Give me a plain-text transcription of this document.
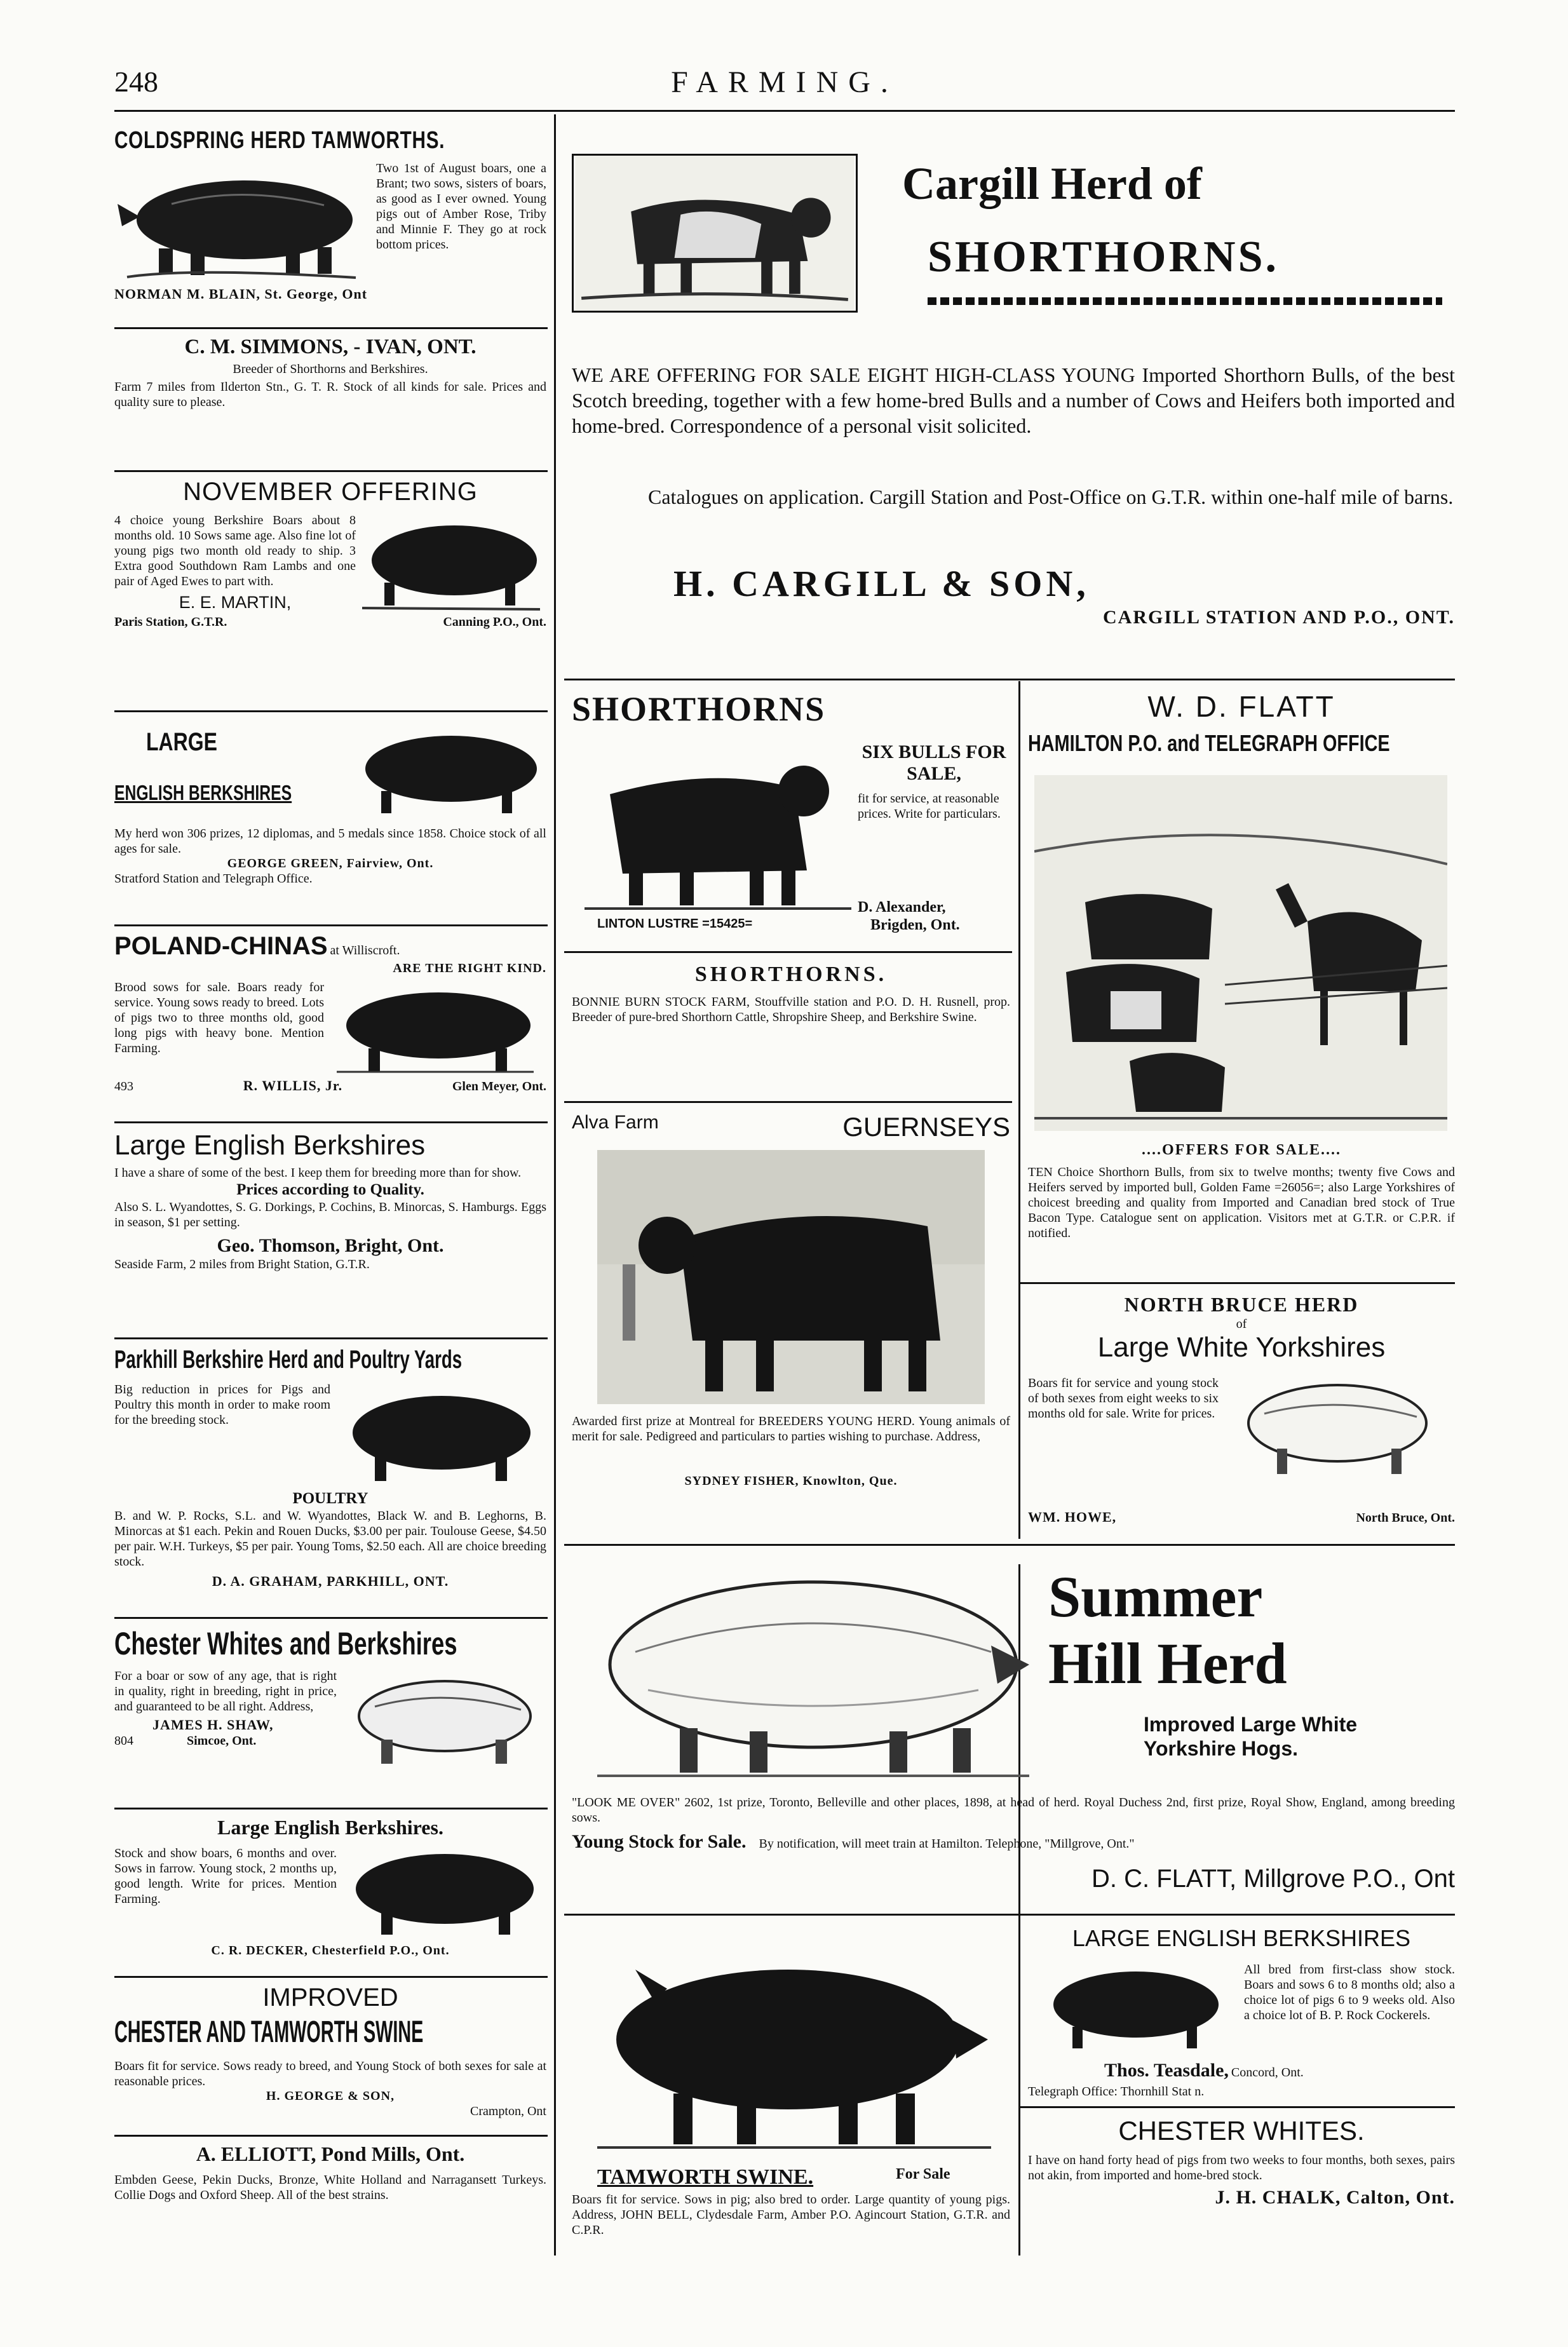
248	FARMING.
COLDSPRING HERD TAMWORTHS.
Two 1st of August boars, one a Brant; two sows, sisters of boars, as good as I ever owned. Young pigs out of Amber Rose, Triby and Minnie F. They go at rock bottom prices.
NORMAN M. BLAIN, St. George, Ont
C. M. SIMMONS, - IVAN, ONT.
Breeder of Shorthorns and Berkshires.
Farm 7 miles from Ilderton Stn., G. T. R. Stock of all kinds for sale. Prices and quality sure to please.
NOVEMBER OFFERING
4 choice young Berkshire Boars about 8 months old. 10 Sows same age. Also fine lot of young pigs two month old ready to ship. 3 Extra good Southdown Ram Lambs and one pair of Aged Ewes to part with.
E. E. MARTIN,
Paris Station, G.T.R.	Canning P.O., Ont.
LARGE
ENGLISH BERKSHIRES
My herd won 306 prizes, 12 diplomas, and 5 medals since 1858. Choice stock of all ages for sale.
GEORGE GREEN, Fairview, Ont.
Stratford Station and Telegraph Office.
POLAND-CHINAS at Williscroft.
ARE THE RIGHT KIND.
Brood sows for sale. Boars ready for service. Young sows ready to breed. Lots of pigs two to three months old, good long pigs with heavy bone. Mention Farming.
493	R. WILLIS, Jr.	Glen Meyer, Ont.
Large English Berkshires
I have a share of some of the best. I keep them for breeding more than for show.
Prices according to Quality.
Also S. L. Wyandottes, S. G. Dorkings, P. Cochins, B. Minorcas, S. Hamburgs. Eggs in season, $1 per setting.
Geo. Thomson, Bright, Ont.
Seaside Farm, 2 miles from Bright Station, G.T.R.
Parkhill Berkshire Herd and Poultry Yards
Big reduction in prices for Pigs and Poultry this month in order to make room for the breeding stock.
POULTRY
B. and W. P. Rocks, S.L. and W. Wyandottes, Black W. and B. Leghorns, B. Minorcas at $1 each. Pekin and Rouen Ducks, $3.00 per pair. Toulouse Geese, $4.50 per pair. W.H. Turkeys, $5 per pair. Young Toms, $2.50 each. All are choice breeding stock.
D. A. GRAHAM, PARKHILL, ONT.
Chester Whites and Berkshires
For a boar or sow of any age, that is right in quality, right in breeding, right in price, and guaranteed to be all right. Address,
JAMES H. SHAW,
804	Simcoe, Ont.
Large English Berkshires.
Stock and show boars, 6 months and over. Sows in farrow. Young stock, 2 months up, good length. Write for prices. Mention Farming.
C. R. DECKER, Chesterfield P.O., Ont.
IMPROVED
CHESTER AND TAMWORTH SWINE
Boars fit for service. Sows ready to breed, and Young Stock of both sexes for sale at reasonable prices.
H. GEORGE & SON,
Crampton, Ont
A. ELLIOTT, Pond Mills, Ont.
Embden Geese, Pekin Ducks, Bronze, White Holland and Narragansett Turkeys. Collie Dogs and Oxford Sheep. All of the best strains.
Cargill Herd of
SHORTHORNS.
WE ARE OFFERING FOR SALE EIGHT HIGH-CLASS YOUNG Imported Shorthorn Bulls, of the best Scotch breeding, together with a few home-bred Bulls and a number of Cows and Heifers both imported and home-bred. Correspondence of a personal visit solicited.
Catalogues on application. Cargill Station and Post-Office on G.T.R. within one-half mile of barns.
H. CARGILL & SON,
CARGILL STATION AND P.O., ONT.
SHORTHORNS
SIX BULLS FOR SALE,
fit for service, at reasonable prices. Write for particulars.
LINTON LUSTRE =15425=
D. Alexander,
Brigden, Ont.
SHORTHORNS.
BONNIE BURN STOCK FARM, Stouffville station and P.O. D. H. Rusnell, prop. Breeder of pure-bred Shorthorn Cattle, Shropshire Sheep, and Berkshire Swine.
Alva Farm	GUERNSEYS
Awarded first prize at Montreal for BREEDERS YOUNG HERD. Young animals of merit for sale. Pedigreed and particulars to parties wishing to purchase. Address,
SYDNEY FISHER, Knowlton, Que.
W. D. FLATT
HAMILTON P.O. and TELEGRAPH OFFICE
....OFFERS FOR SALE....
TEN Choice Shorthorn Bulls, from six to twelve months; twenty five Cows and Heifers served by imported bull, Golden Fame =26056=; also Large Yorkshires of choicest breeding and quality from Imported and Canadian bred stock of True Bacon Type. Catalogue sent on application. Visitors met at G.T.R. or C.P.R. if notified.
NORTH BRUCE HERD
of
Large White Yorkshires
Boars fit for service and young stock of both sexes from eight weeks to six months old for sale. Write for prices.
WM. HOWE,	North Bruce, Ont.
Summer
Hill Herd
Improved Large White Yorkshire Hogs.
"LOOK ME OVER" 2602, 1st prize, Toronto, Belleville and other places, 1898, at head of herd. Royal Duchess 2nd, first prize, Royal Show, England, among breeding sows.
Young Stock for Sale. By notification, will meet train at Hamilton. Telephone, "Millgrove, Ont."
D. C. FLATT, Millgrove P.O., Ont
TAMWORTH SWINE.	For Sale
Boars fit for service. Sows in pig; also bred to order. Large quantity of young pigs. Address, JOHN BELL, Clydesdale Farm, Amber P.O. Agincourt Station, G.T.R. and C.P.R.
LARGE ENGLISH BERKSHIRES
All bred from first-class show stock. Boars and sows 6 to 8 months old; also a choice lot of pigs 6 to 9 weeks old. Also a choice lot of B. P. Rock Cockerels.
Thos. Teasdale, Concord, Ont.
Telegraph Office: Thornhill Stat n.
CHESTER WHITES.
I have on hand forty head of pigs from two weeks to four months, both sexes, pairs not akin, from imported and home-bred stock.
J. H. CHALK, Calton, Ont.
